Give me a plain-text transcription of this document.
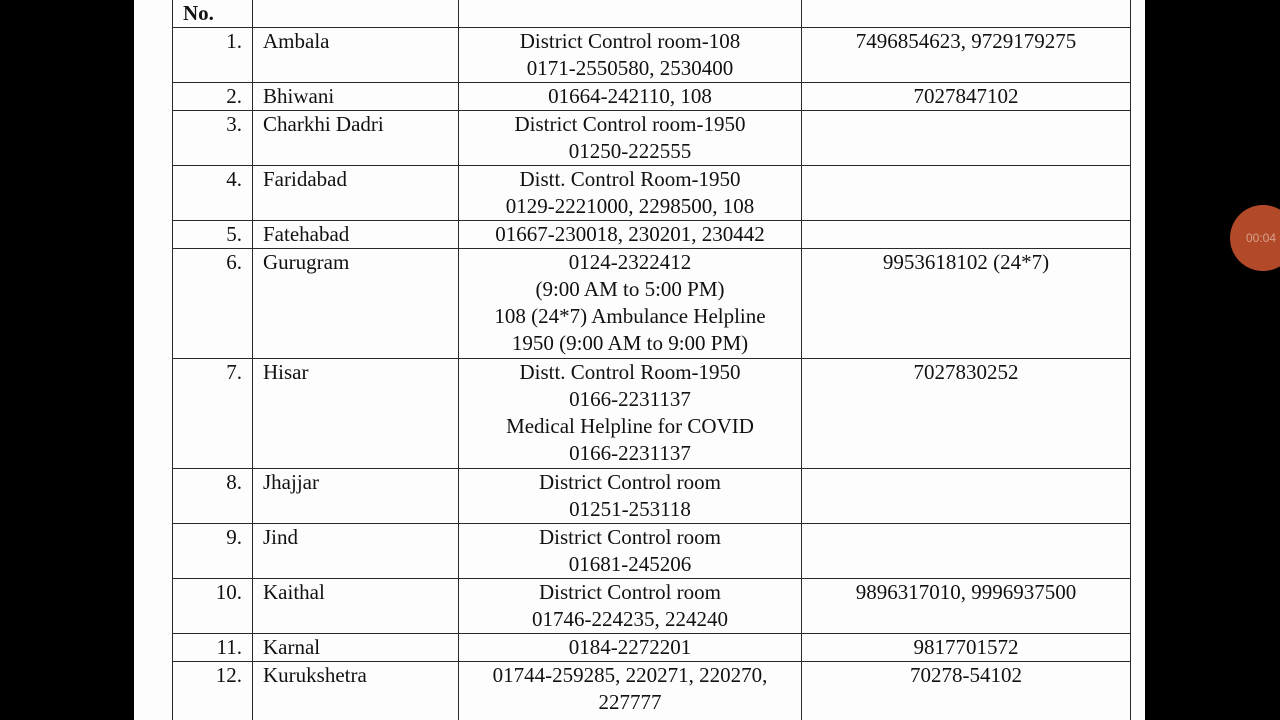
No.			

1.	Ambala	District Control room-108
0171-2550580, 2530400	7496854623, 9729179275

2.	Bhiwani	01664-242110, 108	7027847102

3.	Charkhi Dadri	District Control room-1950
01250-222555	

4.	Faridabad	Distt. Control Room-1950
0129-2221000, 2298500, 108	

5.	Fatehabad	01667-230018, 230201, 230442	

6.	Gurugram	0124-2322412
(9:00 AM to 5:00 PM)
108 (24*7) Ambulance Helpline
1950 (9:00 AM to 9:00 PM)	9953618102 (24*7)

7.	Hisar	Distt. Control Room-1950
0166-2231137
Medical Helpline for COVID
0166-2231137	7027830252

8.	Jhajjar	District Control room
01251-253118	

9.	Jind	District Control room
01681-245206	

10.	Kaithal	District Control room
01746-224235, 224240	9896317010, 9996937500

11.	Karnal	0184-2272201	9817701572

12.	Kurukshetra	01744-259285, 220271, 220270,
227777	70278-54102
00:04
